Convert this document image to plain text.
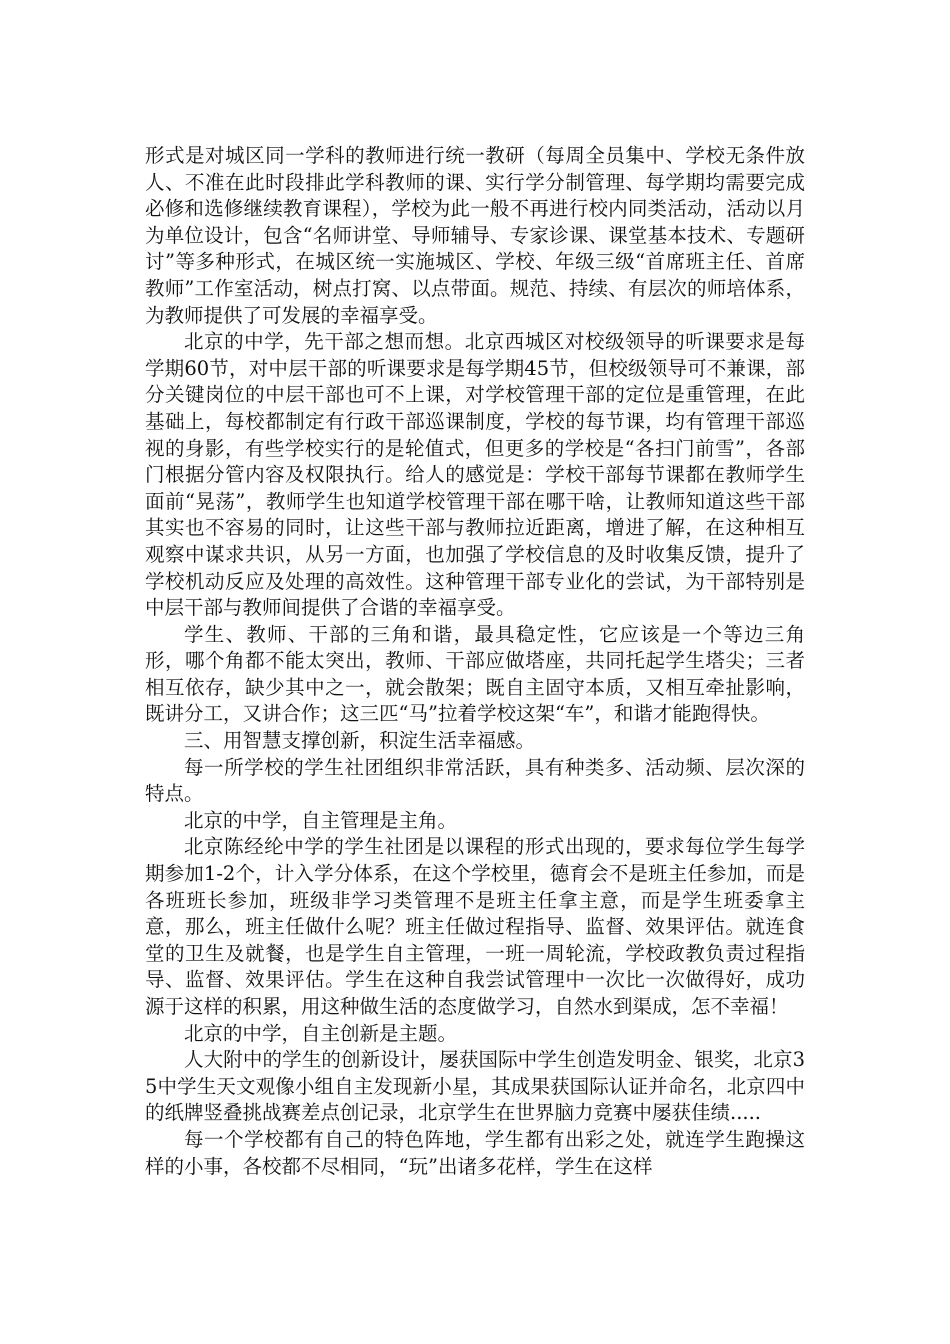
形式是对城区同一学科的教师进行统一教研（每周全员集中、学校无条件放人、不准在此时段排此学科教师的课、实行学分制管理、每学期均需要完成必修和选修继续教育课程），学校为此一般不再进行校内同类活动，活动以月为单位设计，包含“名师讲堂、导师辅导、专家诊课、课堂基本技术、专题研讨”等多种形式，在城区统一实施城区、学校、年级三级“首席班主任、首席教师”工作室活动，树点打窝、以点带面。规范、持续、有层次的师培体系，为教师提供了可发展的幸福享受。

北京的中学，先干部之想而想。北京西城区对校级领导的听课要求是每学期60节，对中层干部的听课要求是每学期45节，但校级领导可不兼课，部分关键岗位的中层干部也可不上课，对学校管理干部的定位是重管理，在此基础上，每校都制定有行政干部巡课制度，学校的每节课，均有管理干部巡视的身影，有些学校实行的是轮值式，但更多的学校是“各扫门前雪”，各部门根据分管内容及权限执行。给人的感觉是：学校干部每节课都在教师学生面前“晃荡”，教师学生也知道学校管理干部在哪干啥，让教师知道这些干部其实也不容易的同时，让这些干部与教师拉近距离，增进了解，在这种相互观察中谋求共识，从另一方面，也加强了学校信息的及时收集反馈，提升了学校机动反应及处理的高效性。这种管理干部专业化的尝试，为干部特别是中层干部与教师间提供了合谐的幸福享受。

学生、教师、干部的三角和谐，最具稳定性，它应该是一个等边三角形，哪个角都不能太突出，教师、干部应做塔座，共同托起学生塔尖；三者相互依存，缺少其中之一，就会散架；既自主固守本质，又相互牵扯影响，既讲分工，又讲合作；这三匹“马”拉着学校这架“车”，和谐才能跑得快。

三、用智慧支撑创新，积淀生活幸福感。

每一所学校的学生社团组织非常活跃，具有种类多、活动频、层次深的特点。

北京的中学，自主管理是主角。

北京陈经纶中学的学生社团是以课程的形式出现的，要求每位学生每学期参加1-2个，计入学分体系，在这个学校里，德育会不是班主任参加，而是各班班长参加，班级非学习类管理不是班主任拿主意，而是学生班委拿主意，那么，班主任做什么呢？班主任做过程指导、监督、效果评估。就连食堂的卫生及就餐，也是学生自主管理，一班一周轮流，学校政教负责过程指导、监督、效果评估。学生在这种自我尝试管理中一次比一次做得好，成功源于这样的积累，用这种做生活的态度做学习，自然水到渠成，怎不幸福！

北京的中学，自主创新是主题。

人大附中的学生的创新设计，屡获国际中学生创造发明金、银奖，北京35中学生天文观像小组自主发现新小星，其成果获国际认证并命名，北京四中的纸牌竖叠挑战赛差点创记录，北京学生在世界脑力竞赛中屡获佳绩.....

每一个学校都有自己的特色阵地，学生都有出彩之处，就连学生跑操这样的小事，各校都不尽相同，“玩”出诸多花样，学生在这样
